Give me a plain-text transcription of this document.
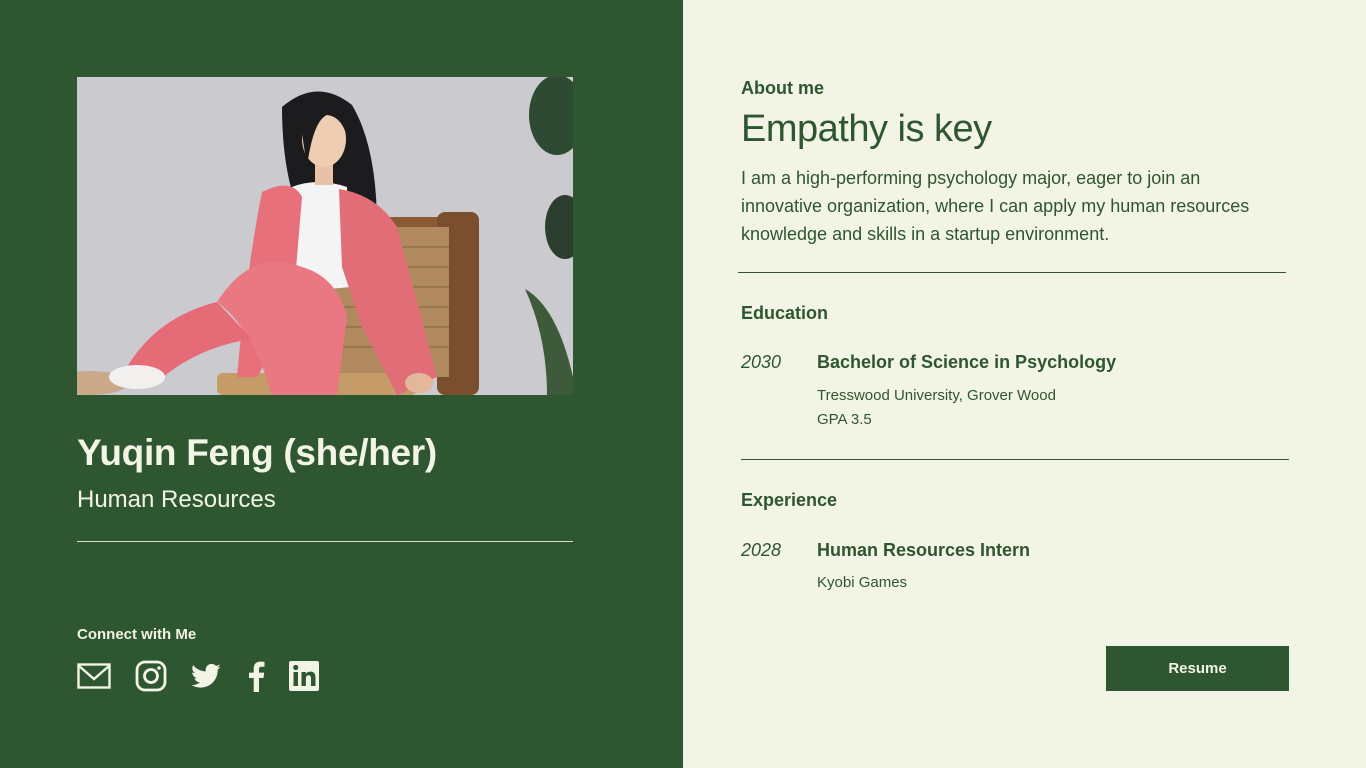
Yuqin Feng (she/her)
Human Resources
Connect with Me
About me
Empathy is key

I am a high-performing psychology major, eager to join an innovative organization, where I can apply my human resources knowledge and skills in a startup environment.

Education
2030 Bachelor of Science in Psychology
Tresswood University, Grover Wood
GPA 3.5
Experience
2028 Human Resources Intern
Kyobi Games
Resume
